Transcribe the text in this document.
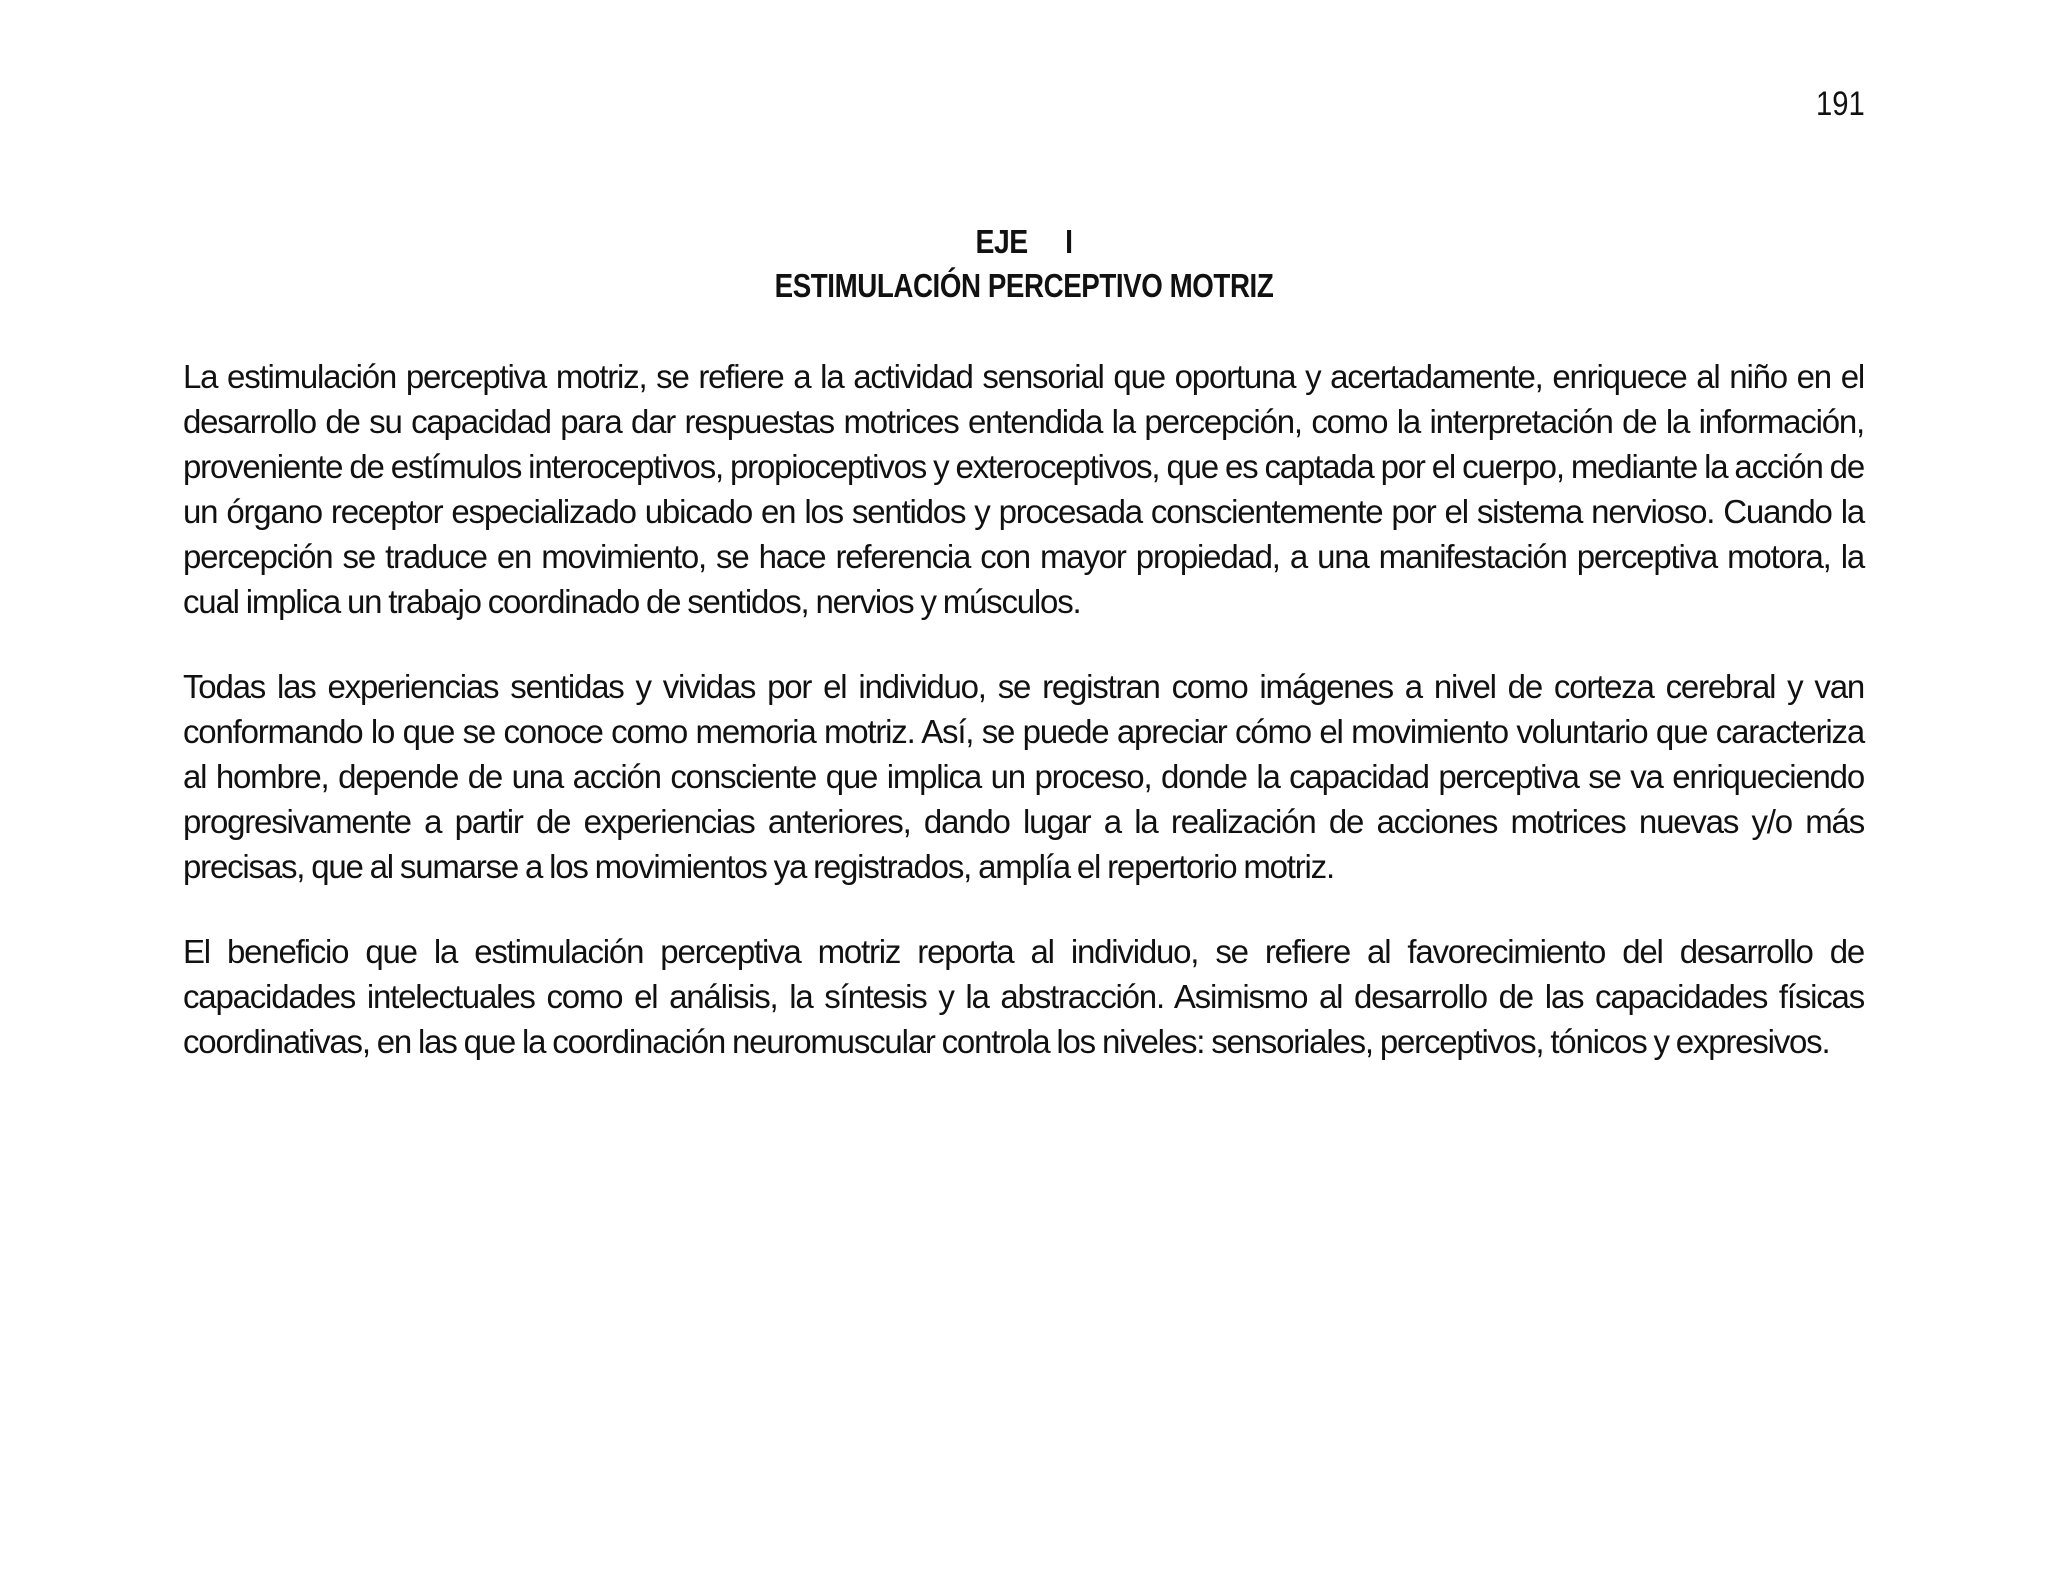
191
EJE     I
ESTIMULACIÓN PERCEPTIVO MOTRIZ

La estimulación perceptiva motriz, se refiere a la actividad sensorial que oportuna y acertadamente, enriquece al niño en el desarrollo de su capacidad para dar respuestas motrices entendida la percepción, como la interpretación de la información, proveniente de estímulos interoceptivos, propioceptivos y exteroceptivos, que es captada por el cuerpo, mediante la acción de un órgano receptor especializado ubicado en los sentidos y procesada conscientemente por el sistema nervioso. Cuando la percepción se traduce en movimiento, se hace referencia con mayor propiedad, a una manifestación perceptiva motora, la cual implica un trabajo coordinado de sentidos, nervios y músculos.

Todas las experiencias sentidas y vividas por el individuo, se registran como imágenes a nivel de corteza cerebral y van conformando lo que se conoce como memoria motriz. Así, se puede apreciar cómo el movimiento voluntario que caracteriza al hombre, depende de una acción consciente que implica un proceso, donde la capacidad perceptiva se va enriqueciendo progresivamente a partir de experiencias anteriores, dando lugar a la realización de acciones motrices nuevas y/o más precisas, que al sumarse a los movimientos ya registrados, amplía el repertorio motriz.

El beneficio que la estimulación perceptiva motriz reporta al individuo, se refiere al favorecimiento del desarrollo de capacidades intelectuales como el análisis, la síntesis y la abstracción. Asimismo al desarrollo de las capacidades físicas coordinativas, en las que la coordinación neuromuscular controla los niveles: sensoriales, perceptivos, tónicos y expresivos.
